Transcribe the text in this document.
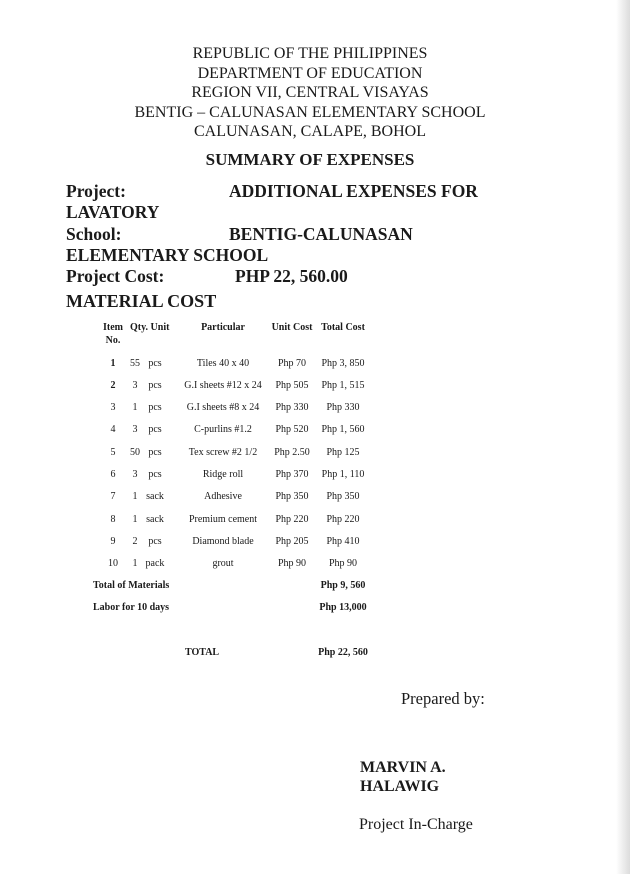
REPUBLIC OF THE PHILIPPINES
DEPARTMENT OF EDUCATION
REGION VII, CENTRAL VISAYAS
BENTIG – CALUNASAN ELEMENTARY SCHOOL
CALUNASAN, CALAPE, BOHOL
SUMMARY OF EXPENSES
Project:	ADDITIONAL EXPENSES FOR
LAVATORY
School:	BENTIG-CALUNASAN
ELEMENTARY SCHOOL
Project Cost:	PHP 22, 560.00
MATERIAL COST
Item
No.
Qty. Unit	Particular	Unit Cost Total Cost
1	55 pcs	Tiles 40 x 40	Php 70	Php 3, 850
2	3	pcs	G.I sheets #12 x 24	Php 505	Php 1, 515
3	1	pcs	G.I sheets #8 x 24	Php 330	Php 330
4	3	pcs	C-purlins #1.2	Php 520	Php 1, 560
5	50 pcs	Tex screw #2 1/2	Php 2.50	Php 125
6	3	pcs	Ridge roll	Php 370	Php 1, 110
7	1 sack	Adhesive	Php 350	Php 350
8	1 sack	Premium cement	Php 220	Php 220
9	2	pcs	Diamond blade	Php 205	Php 410
10	1 pack	grout	Php 90	Php 90
Total of Materials	Php 9, 560
Labor for 10 days	Php 13,000
TOTAL	Php 22, 560
Prepared by:
MARVIN A.
HALAWIG
Project In-Charge
